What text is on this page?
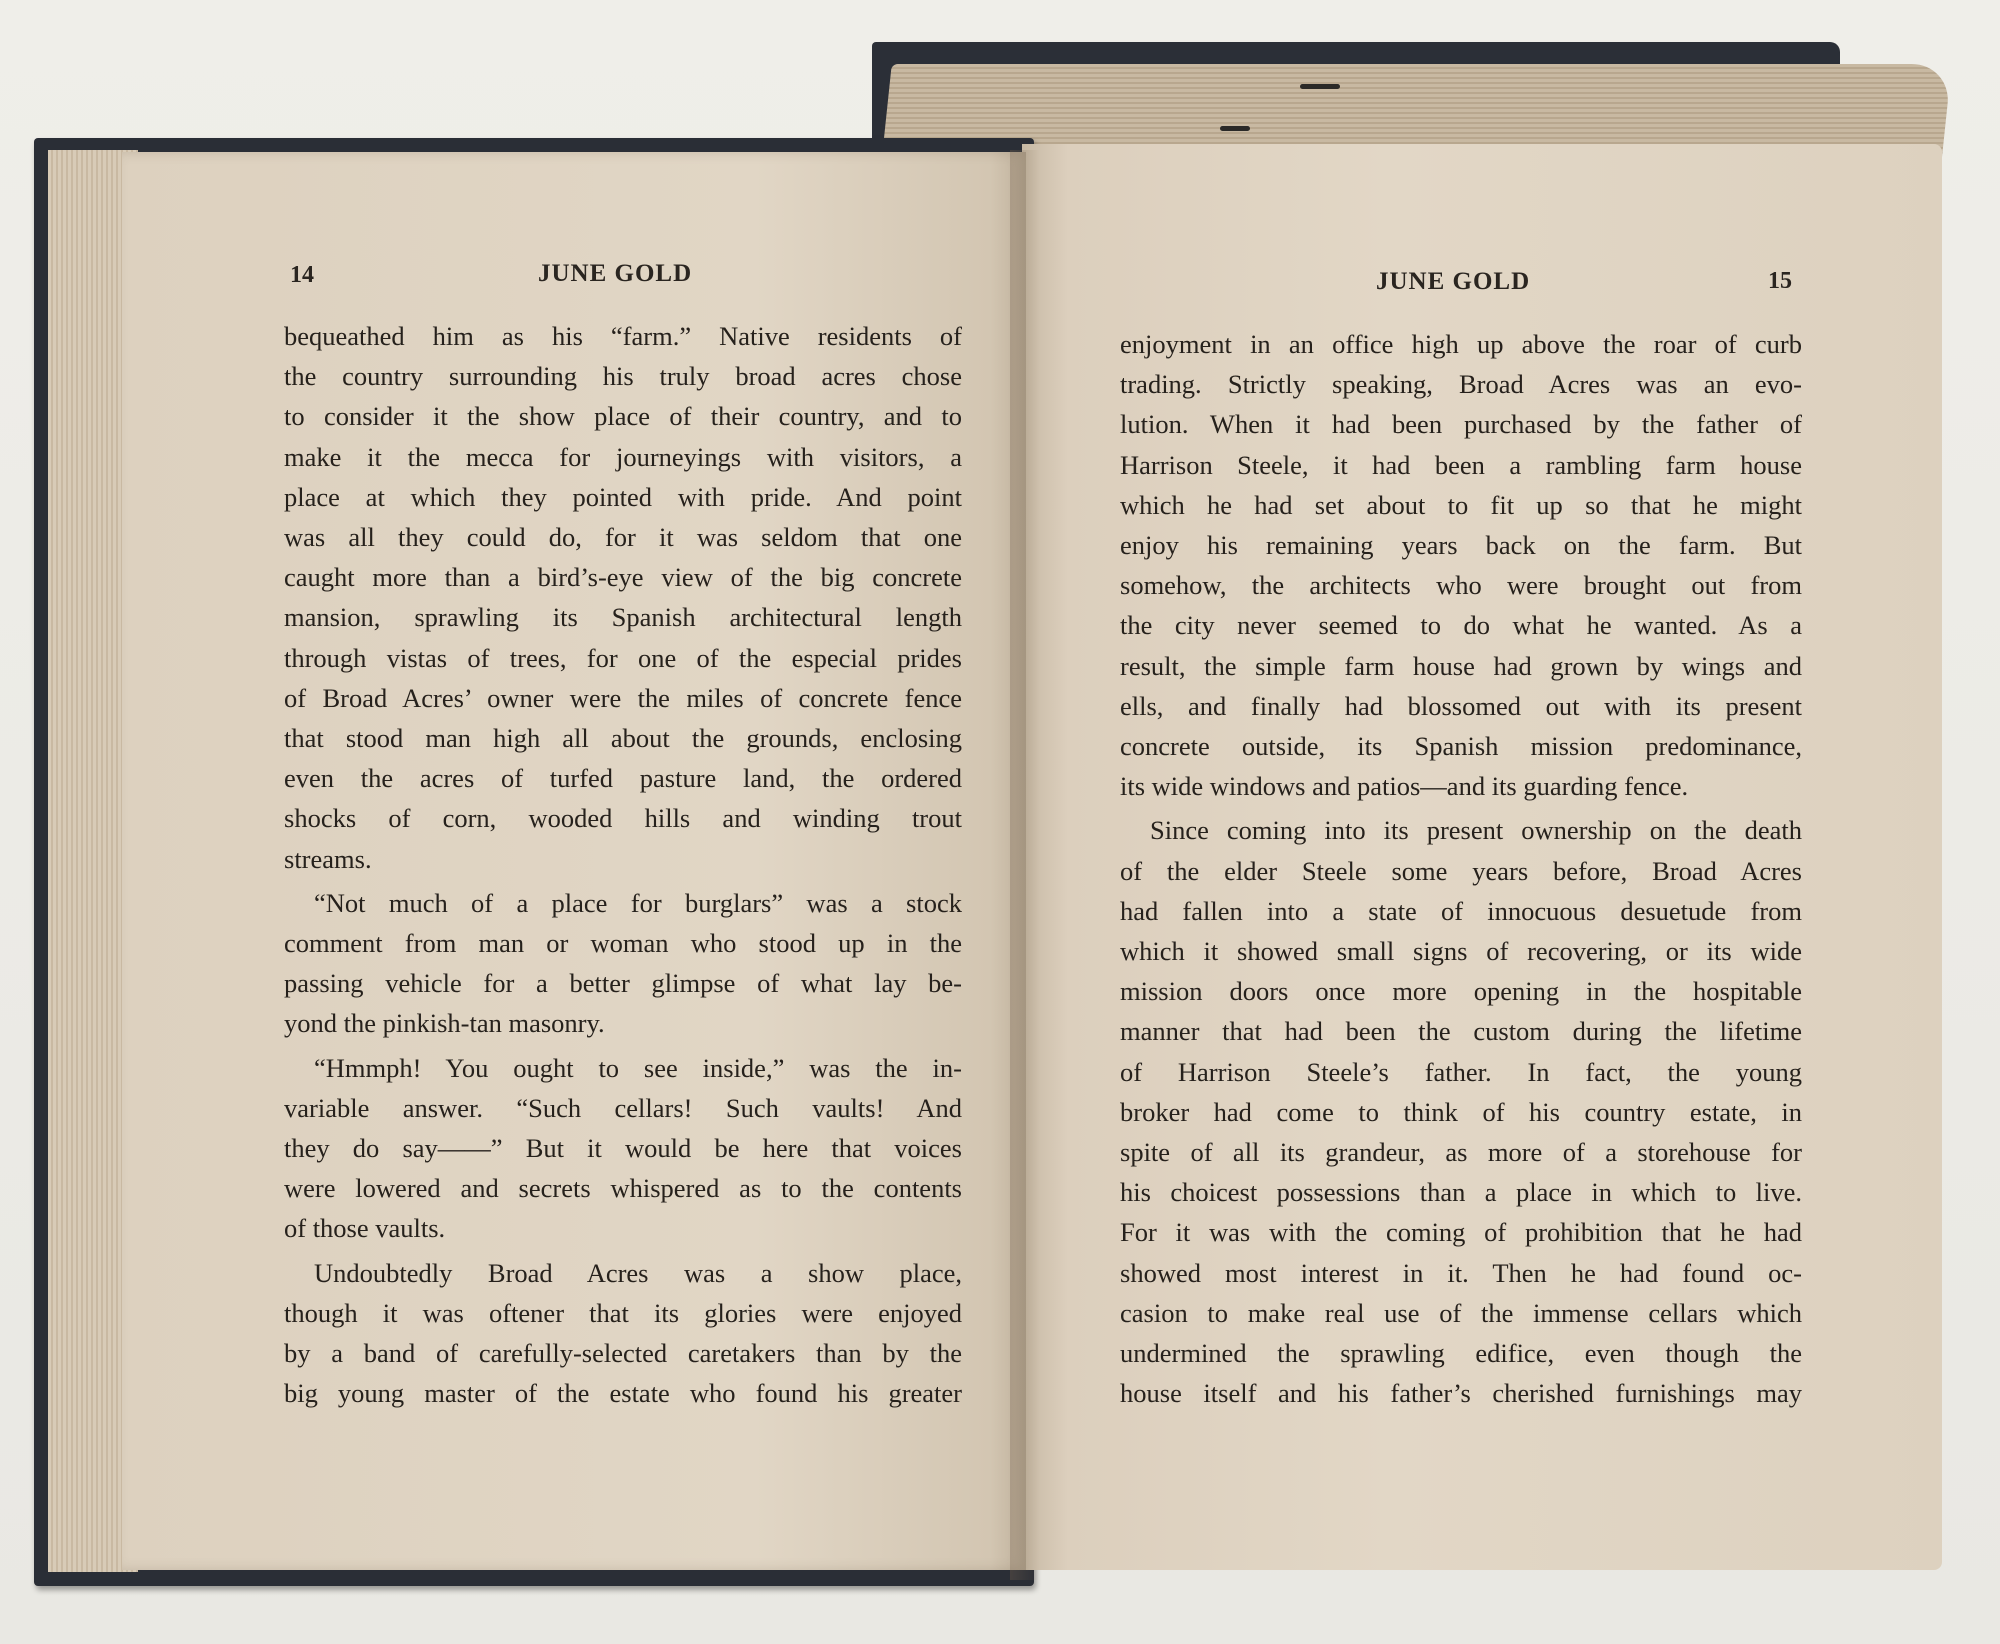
14	JUNE GOLD	JUNE GOLD	15
bequeathed him as his “farm.” Native residents of
the country surrounding his truly broad acres chose
to consider it the show place of their country, and to
make it the mecca for journeyings with visitors, a
place at which they pointed with pride. And point
was all they could do, for it was seldom that one
caught more than a bird’s-eye view of the big concrete
mansion, sprawling its Spanish architectural length
through vistas of trees, for one of the especial prides
of Broad Acres’ owner were the miles of concrete fence
that stood man high all about the grounds, enclosing
even the acres of turfed pasture land, the ordered
shocks of corn, wooded hills and winding trout
streams.
“Not much of a place for burglars” was a stock
comment from man or woman who stood up in the
passing vehicle for a better glimpse of what lay be-
yond the pinkish-tan masonry.
“Hmmph! You ought to see inside,” was the in-
variable answer. “Such cellars! Such vaults! And
they do say——” But it would be here that voices
were lowered and secrets whispered as to the contents
of those vaults.
Undoubtedly Broad Acres was a show place,
though it was oftener that its glories were enjoyed
by a band of carefully-selected caretakers than by the
big young master of the estate who found his greater
enjoyment in an office high up above the roar of curb
trading. Strictly speaking, Broad Acres was an evo-
lution. When it had been purchased by the father of
Harrison Steele, it had been a rambling farm house
which he had set about to fit up so that he might
enjoy his remaining years back on the farm. But
somehow, the architects who were brought out from
the city never seemed to do what he wanted. As a
result, the simple farm house had grown by wings and
ells, and finally had blossomed out with its present
concrete outside, its Spanish mission predominance,
its wide windows and patios—and its guarding fence.
Since coming into its present ownership on the death
of the elder Steele some years before, Broad Acres
had fallen into a state of innocuous desuetude from
which it showed small signs of recovering, or its wide
mission doors once more opening in the hospitable
manner that had been the custom during the lifetime
of Harrison Steele’s father. In fact, the young
broker had come to think of his country estate, in
spite of all its grandeur, as more of a storehouse for
his choicest possessions than a place in which to live.
For it was with the coming of prohibition that he had
showed most interest in it. Then he had found oc-
casion to make real use of the immense cellars which
undermined the sprawling edifice, even though the
house itself and his father’s cherished furnishings may
